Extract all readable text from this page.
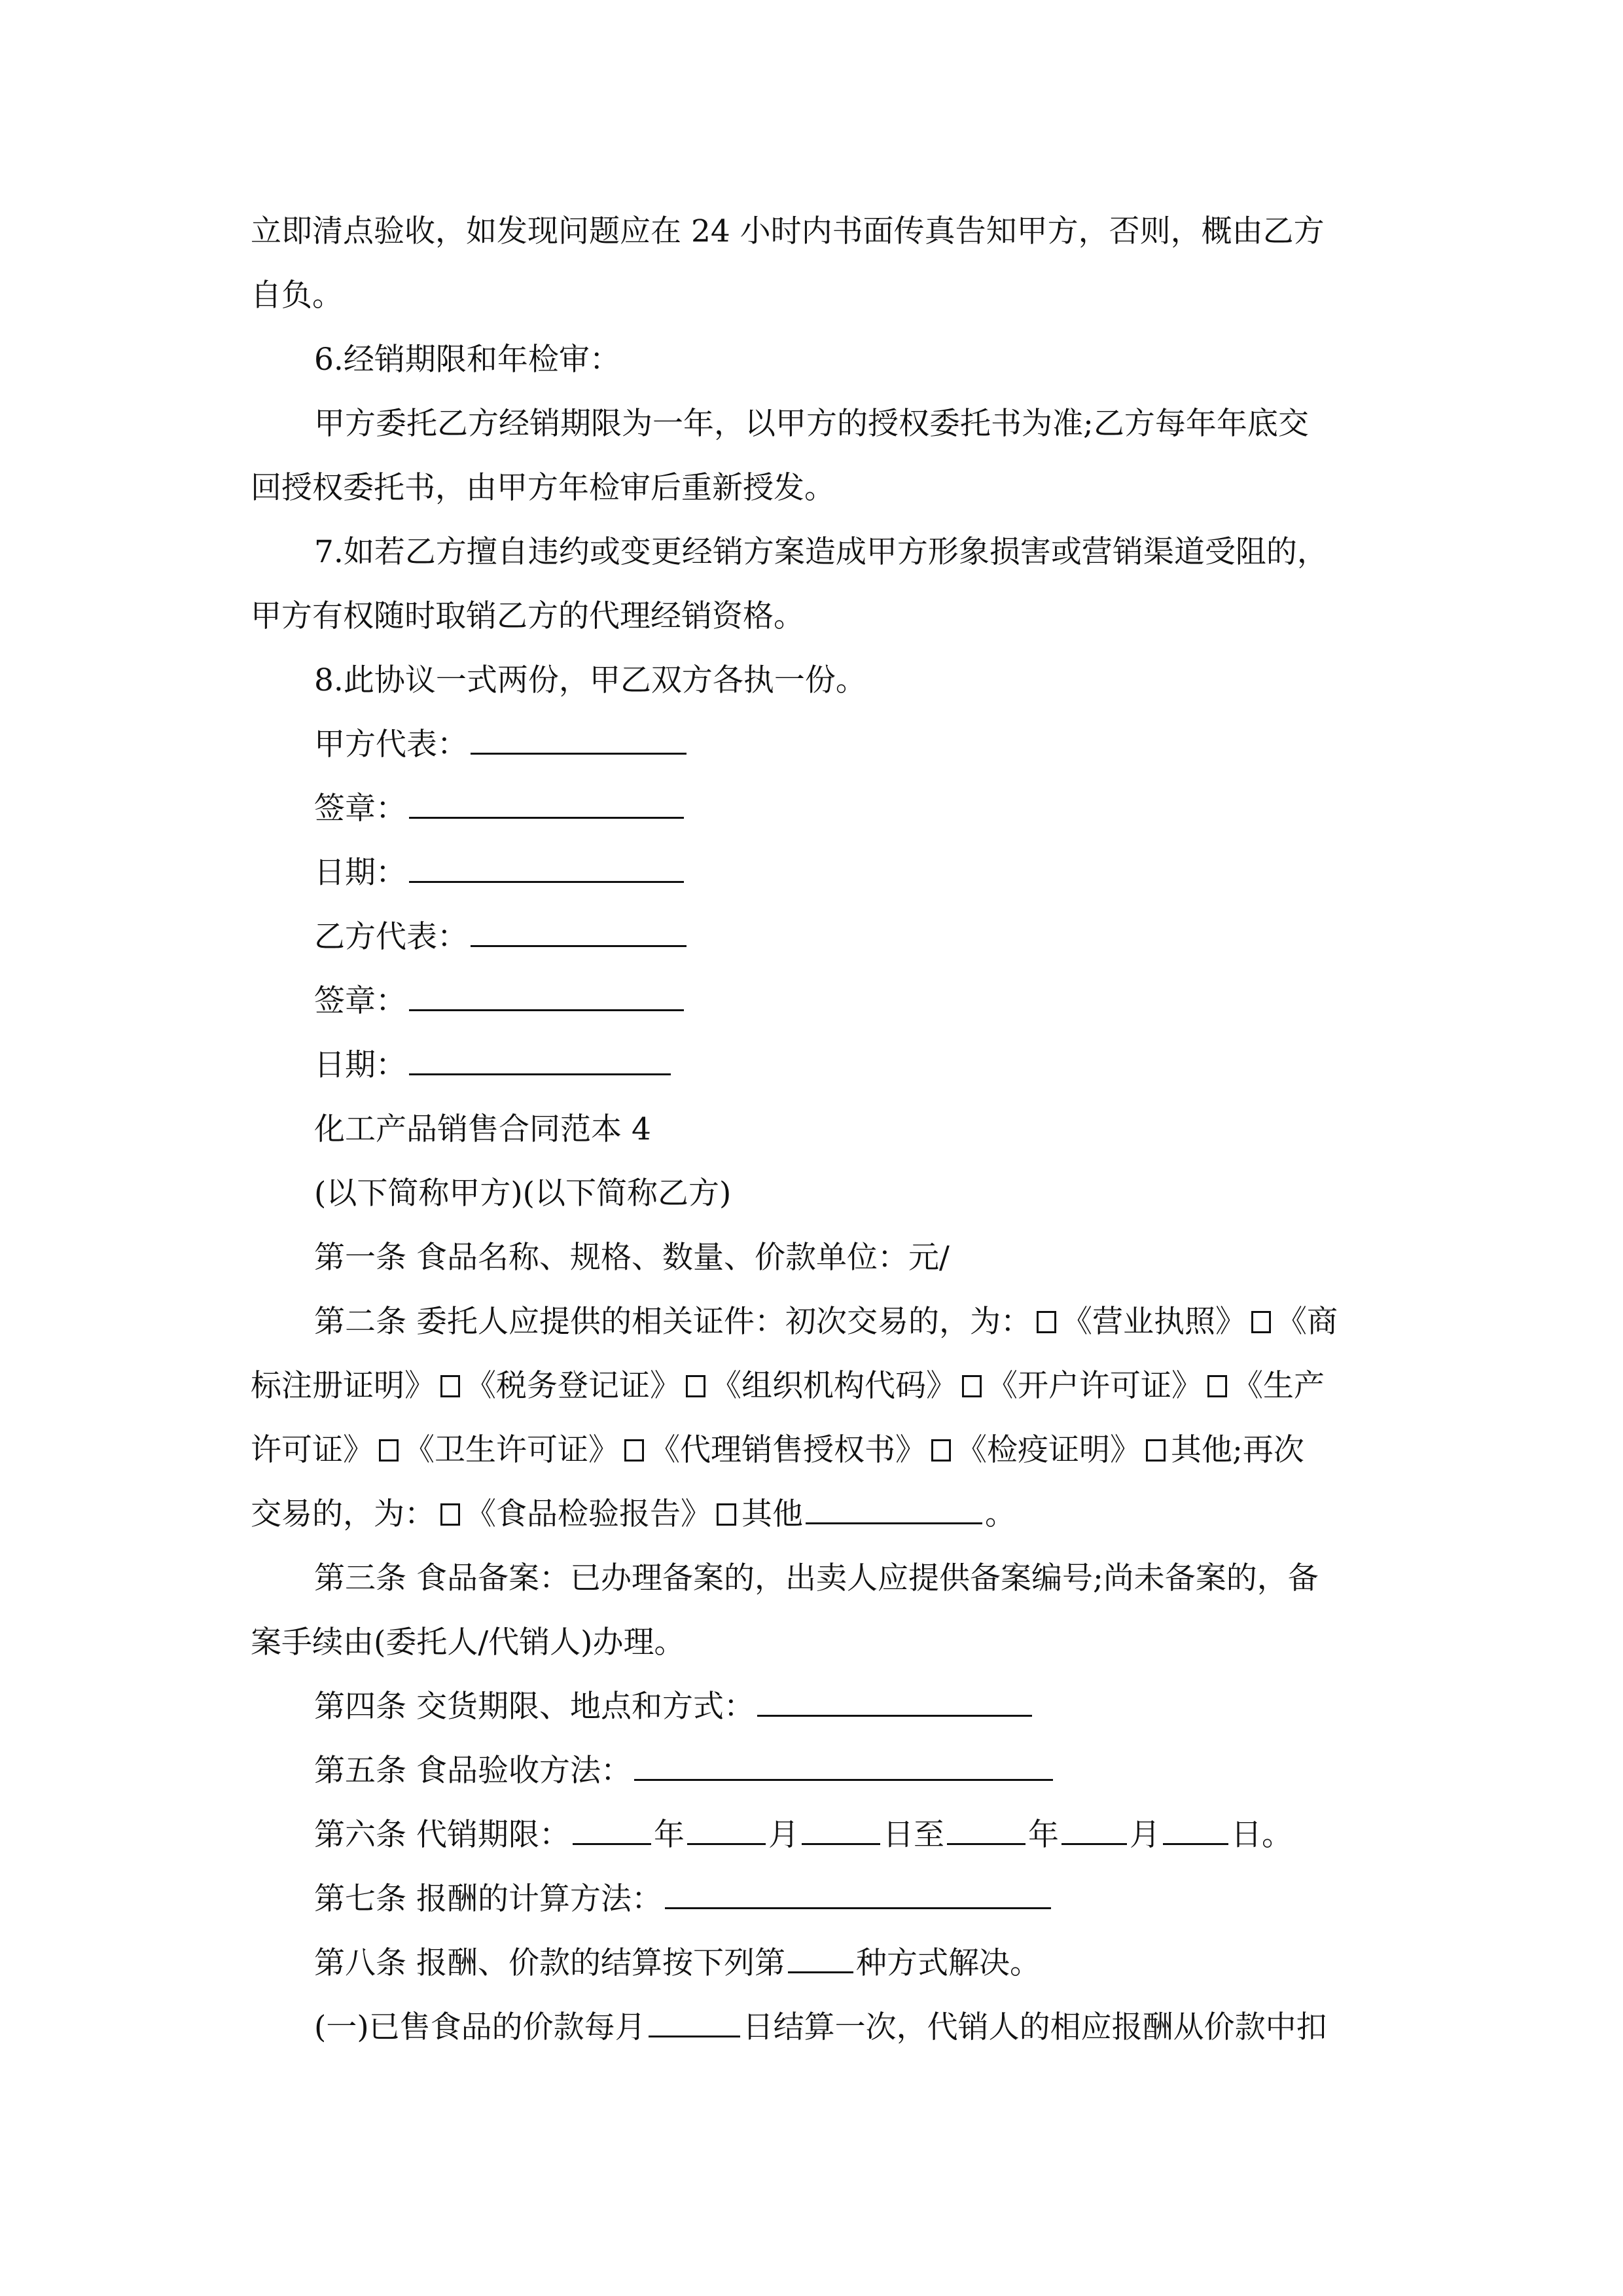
立即清点验收，如发现问题应在 24 小时内书面传真告知甲方，否则，概由乙方
自负。
6.经销期限和年检审：
甲方委托乙方经销期限为一年，以甲方的授权委托书为准;乙方每年年底交
回授权委托书，由甲方年检审后重新授发。
7.如若乙方擅自违约或变更经销方案造成甲方形象损害或营销渠道受阻的，
甲方有权随时取销乙方的代理经销资格。
8.此协议一式两份，甲乙双方各执一份。
甲方代表：
签章：
日期：
乙方代表：
签章：
日期：
化工产品销售合同范本 4
(以下简称甲方)(以下简称乙方)
第一条 食品名称、规格、数量、价款单位：元/
第二条 委托人应提供的相关证件：初次交易的，为： 《营业执照》 《商
标注册证明》 《税务登记证》 《组织机构代码》 《开户许可证》 《生产
许可证》 《卫生许可证》 《代理销售授权书》 《检疫证明》 其他;再次
交易的，为： 《食品检验报告》 其他	。
第三条 食品备案：已办理备案的，出卖人应提供备案编号;尚未备案的，备
案手续由(委托人/代销人)办理。
第四条 交货期限、地点和方式：
第五条 食品验收方法：
第六条 代销期限：	年	月	日至	年 月 日。
第七条 报酬的计算方法：
第八条 报酬、价款的结算按下列第 种方式解决。
(一)已售食品的价款每月	日结算一次，代销人的相应报酬从价款中扣
